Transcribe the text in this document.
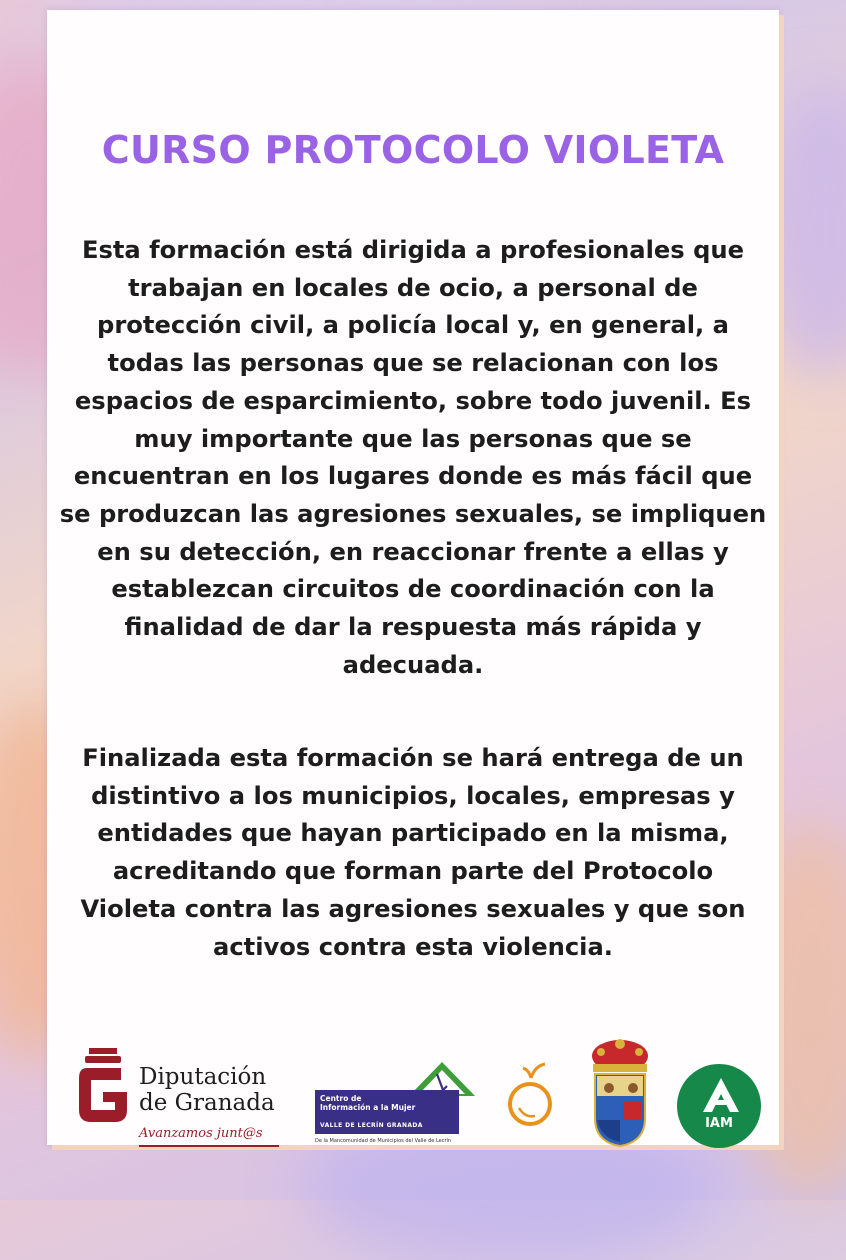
CURSO PROTOCOLO VIOLETA
Esta formación está dirigida a profesionales que
trabajan en locales de ocio, a personal de
protección civil, a policía local y, en general, a
todas las personas que se relacionan con los
espacios de esparcimiento, sobre todo juvenil. Es
muy importante que las personas que se
encuentran en los lugares donde es más fácil que
se produzcan las agresiones sexuales, se impliquen
en su detección, en reaccionar frente a ellas y
establezcan circuitos de coordinación con la
finalidad de dar la respuesta más rápida y
adecuada.
Finalizada esta formación se hará entrega de un
distintivo a los municipios, locales, empresas y
entidades que hayan participado en la misma,
acreditando que forman parte del Protocolo
Violeta contra las agresiones sexuales y que son
activos contra esta violencia.
Diputación
de Granada
Avanzamos junt@s
Centro de
Información a la Mujer
VALLE DE LECRÍN GRANADA
De la Mancomunidad de Municipios del Valle de Lecrín
IAM
